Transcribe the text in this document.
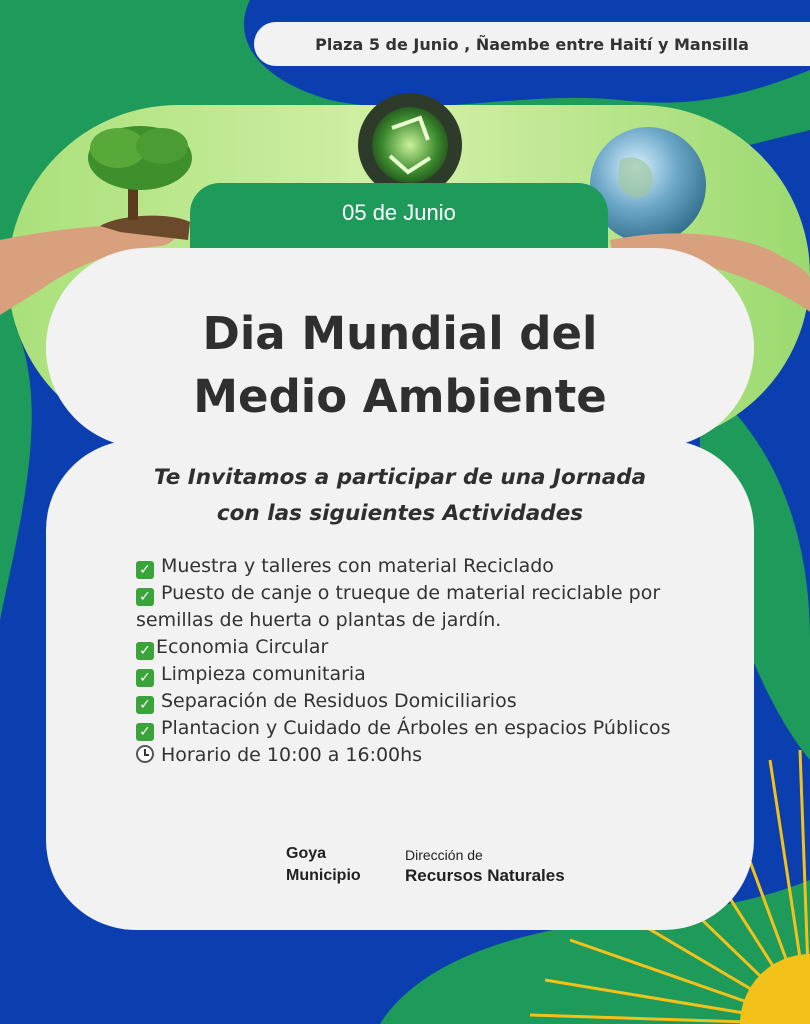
Plaza 5 de Junio , Ñaembe entre Haití y Mansilla
05 de Junio
Dia Mundial del
Medio Ambiente
Te Invitamos a participar de una Jornada
con las siguientes Actividades
✓ Muestra y talleres con material Reciclado
✓ Puesto de canje o trueque de material reciclable por semillas de huerta o plantas de jardín.
✓ Economia Circular
✓ Limpieza comunitaria
✓ Separación de Residuos Domiciliarios
✓ Plantacion y Cuidado de Árboles en espacios Públicos
Horario de 10:00 a 16:00hs
Goya
Municipio
Dirección de
Recursos Naturales
